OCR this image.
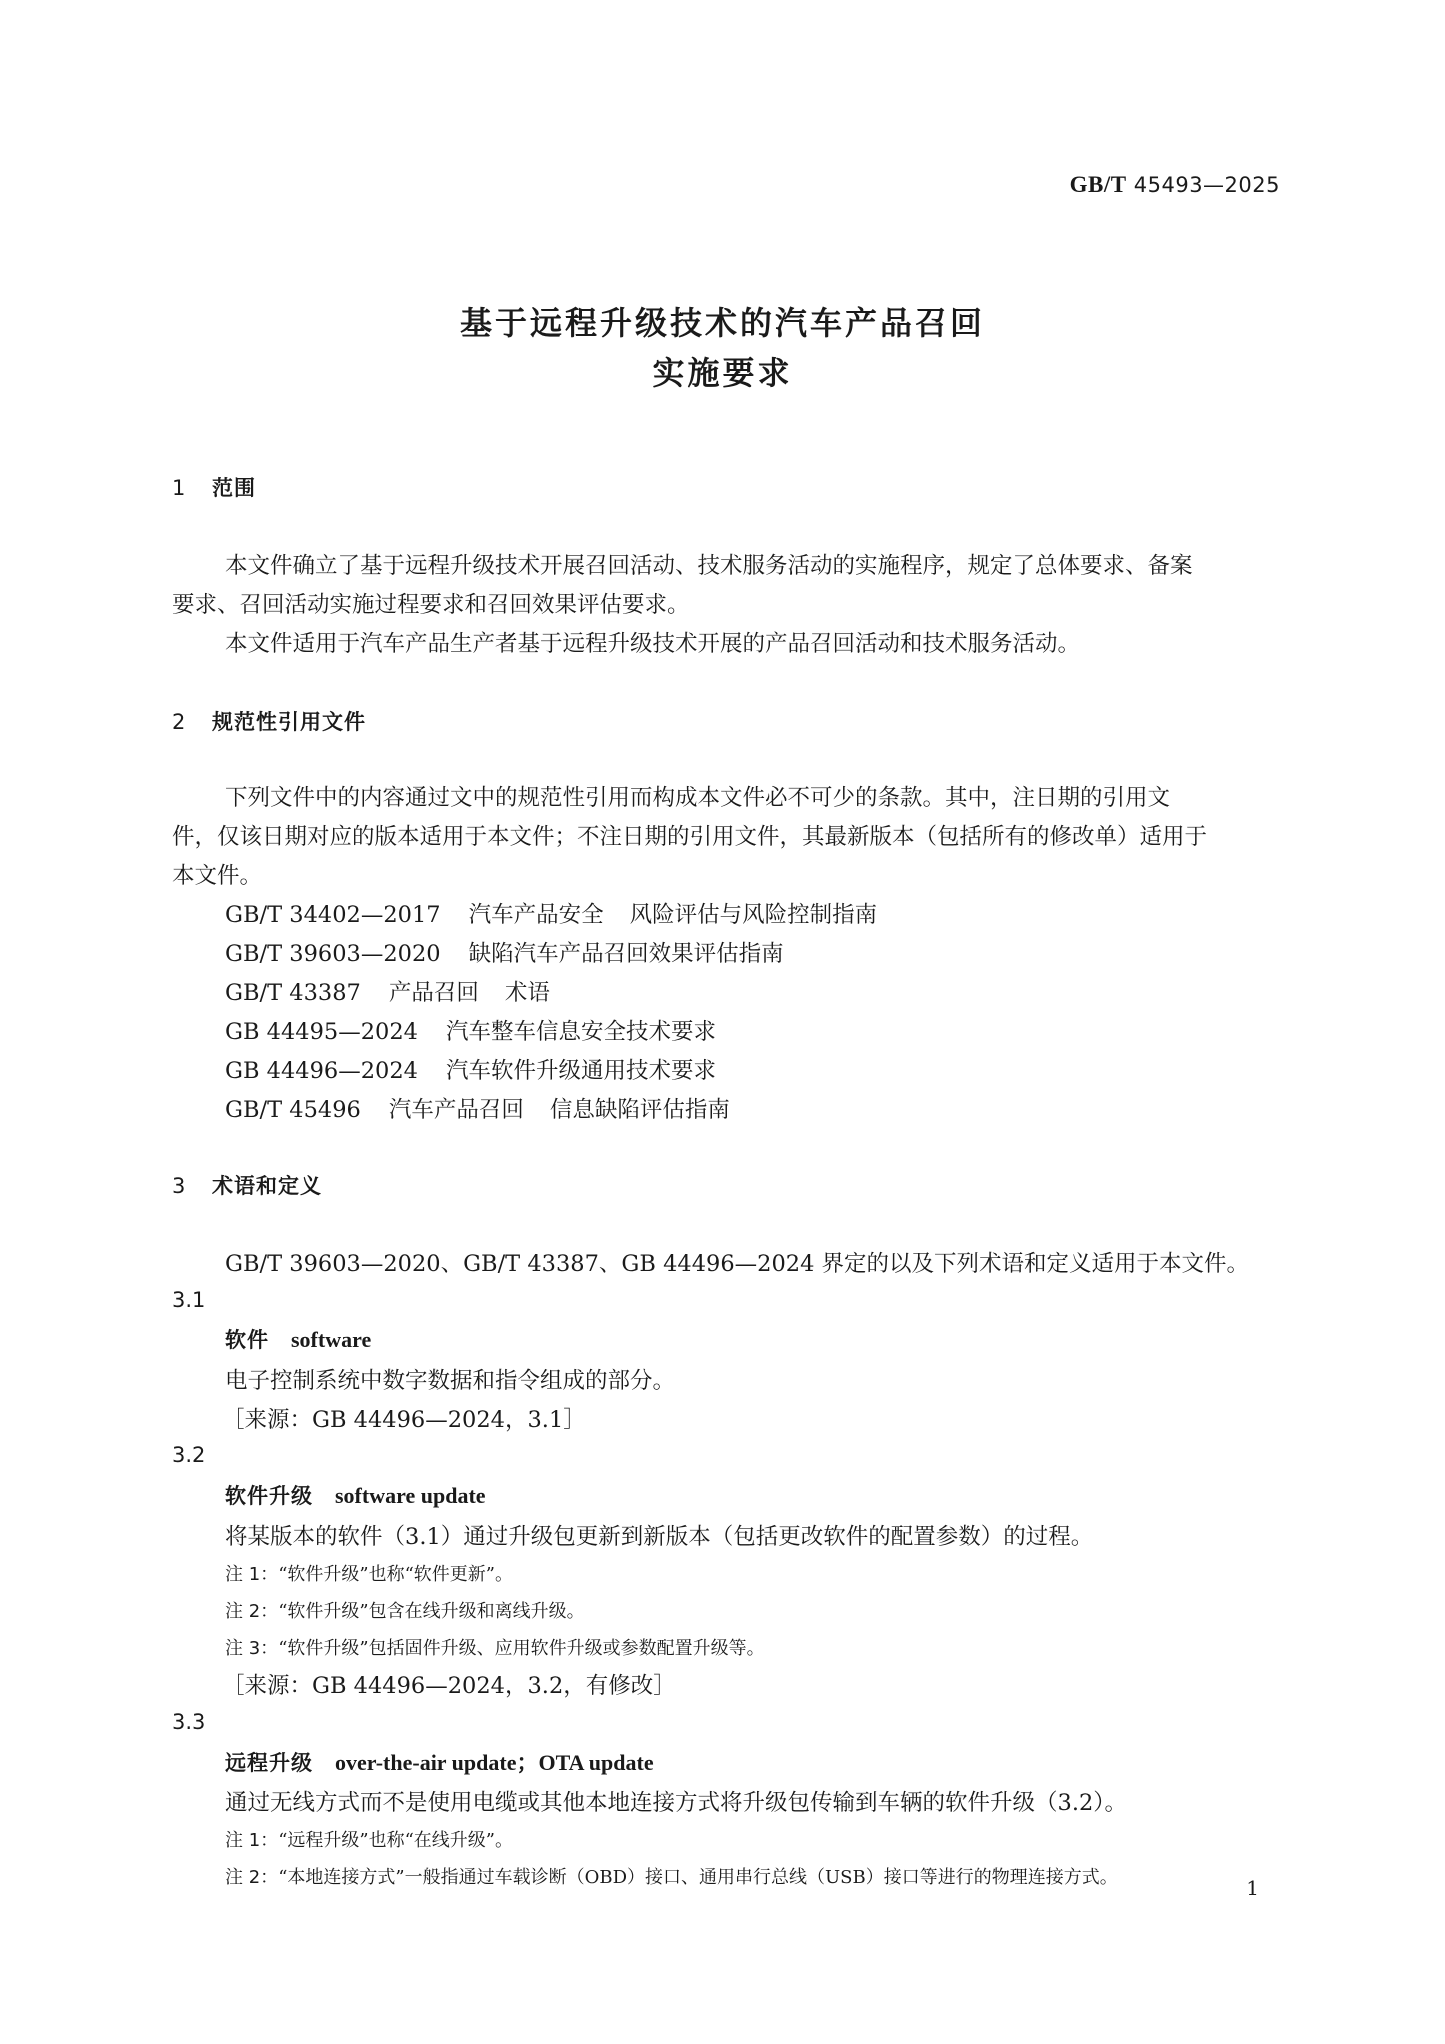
GB/T 45493—2025
基于远程升级技术的汽车产品召回
实施要求
1 范围
本文件确立了基于远程升级技术开展召回活动、技术服务活动的实施程序，规定了总体要求、备案
要求、召回活动实施过程要求和召回效果评估要求。
本文件适用于汽车产品生产者基于远程升级技术开展的产品召回活动和技术服务活动。
2 规范性引用文件
下列文件中的内容通过文中的规范性引用而构成本文件必不可少的条款。其中，注日期的引用文
件，仅该日期对应的版本适用于本文件；不注日期的引用文件，其最新版本（包括所有的修改单）适用于
本文件。
GB/T 34402—2017 汽车产品安全 风险评估与风险控制指南
GB/T 39603—2020 缺陷汽车产品召回效果评估指南
GB/T 43387 产品召回 术语
GB 44495—2024 汽车整车信息安全技术要求
GB 44496—2024 汽车软件升级通用技术要求
GB/T 45496 汽车产品召回 信息缺陷评估指南
3 术语和定义
GB/T 39603—2020、GB/T 43387、GB 44496—2024 界定的以及下列术语和定义适用于本文件。
3.1
软件 software
电子控制系统中数字数据和指令组成的部分。
［来源：GB 44496—2024，3.1］
3.2
软件升级 software update
将某版本的软件（3.1）通过升级包更新到新版本（包括更改软件的配置参数）的过程。
注 1：“软件升级”也称“软件更新”。
注 2：“软件升级”包含在线升级和离线升级。
注 3：“软件升级”包括固件升级、应用软件升级或参数配置升级等。
［来源：GB 44496—2024，3.2，有修改］
3.3
远程升级 over-the-air update；OTA update
通过无线方式而不是使用电缆或其他本地连接方式将升级包传输到车辆的软件升级（3.2）。
注 1：“远程升级”也称“在线升级”。
注 2：“本地连接方式”一般指通过车载诊断（OBD）接口、通用串行总线（USB）接口等进行的物理连接方式。	1
